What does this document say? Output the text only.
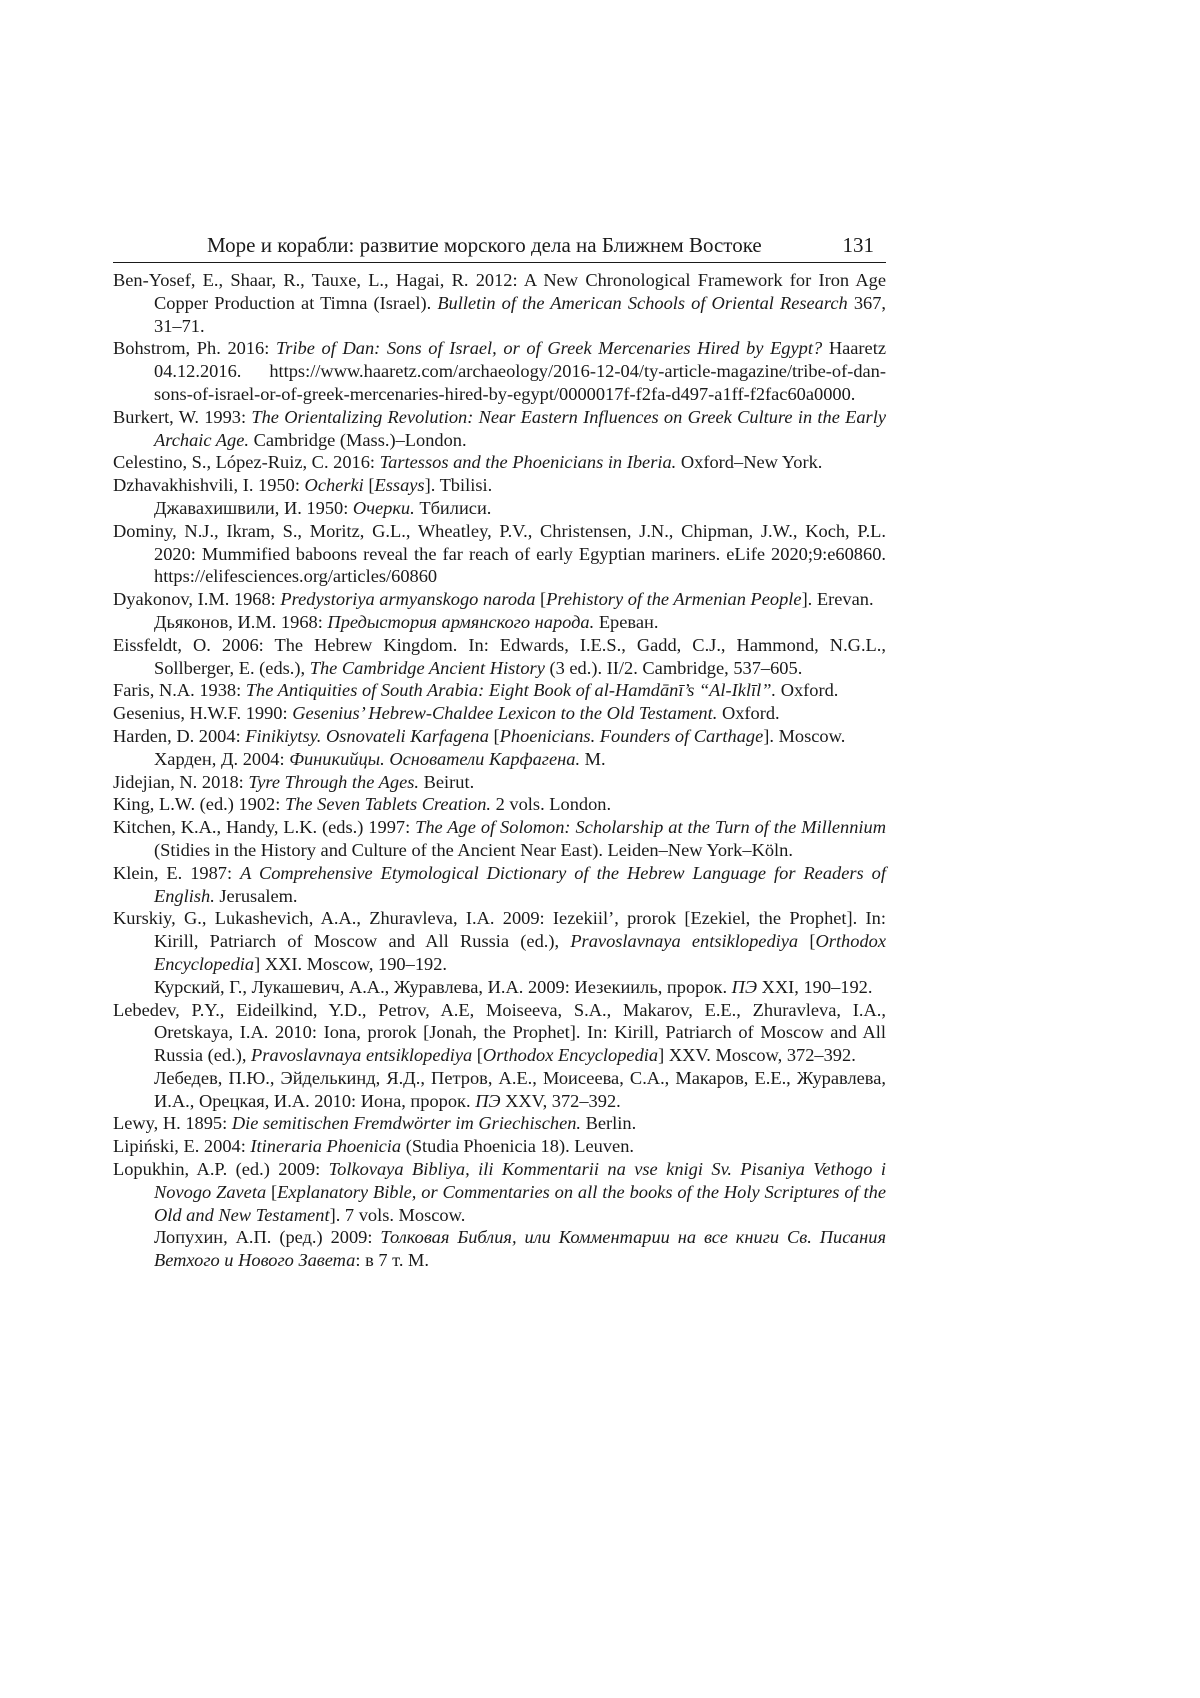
Море и корабли: развитие морского дела на Ближнем Востоке	131

Ben-Yosef, E., Shaar, R., Tauxe, L., Hagai, R. 2012: A New Chronological Framework for Iron Age Copper Production at Timna (Israel). Bulletin of the American Schools of Oriental Research 367, 31–71.

Bohstrom, Ph. 2016: Tribe of Dan: Sons of Israel, or of Greek Mercenaries Hired by Egypt? Haaretz 04.12.2016. https://www.haaretz.com/archaeology/2016-12-04/ty-article-magazine/tribe-of-dan-sons-of-israel-or-of-greek-mercenaries-hired-by-egypt/0000017f-f2fa-d497-a1ff-f2fac60a0000.

Burkert, W. 1993: The Orientalizing Revolution: Near Eastern Influences on Greek Culture in the Early Archaic Age. Cambridge (Mass.)–London.

Celestino, S., López-Ruiz, C. 2016: Tartessos and the Phoenicians in Iberia. Oxford–New York.

Dzhavakhishvili, I. 1950: Ocherki [Essays]. Tbilisi.

Джавахишвили, И. 1950: Очерки. Тбилиси.

Dominy, N.J., Ikram, S., Moritz, G.L., Wheatley, P.V., Christensen, J.N., Chipman, J.W., Koch, P.L. 2020: Mummified baboons reveal the far reach of early Egyptian mariners. eLife 2020;9:e60860. https://elifesciences.org/articles/60860

Dyakonov, I.M. 1968: Predystoriya armyanskogo naroda [Prehistory of the Armenian People]. Erevan.

Дьяконов, И.М. 1968: Предыстория армянского народа. Ереван.

Eissfeldt, O. 2006: The Hebrew Kingdom. In: Edwards, I.E.S., Gadd, C.J., Hammond, N.G.L., Sollberger, E. (eds.), The Cambridge Ancient History (3 ed.). II/2. Cambridge, 537–605.

Faris, N.A. 1938: The Antiquities of South Arabia: Eight Book of al-Hamdānī’s “Al-Iklīl”. Oxford.

Gesenius, H.W.F. 1990: Gesenius’ Hebrew-Chaldee Lexicon to the Old Testament. Oxford.

Harden, D. 2004: Finikiytsy. Osnovateli Karfagena [Phoenicians. Founders of Carthage]. Moscow.

Харден, Д. 2004: Финикийцы. Основатели Карфагена. М.

Jidejian, N. 2018: Tyre Through the Ages. Beirut.

King, L.W. (ed.) 1902: The Seven Tablets Creation. 2 vols. London.

Kitchen, K.A., Handy, L.K. (eds.) 1997: The Age of Solomon: Scholarship at the Turn of the Millennium (Stidies in the History and Culture of the Ancient Near East). Leiden–New York–Köln.

Klein, E. 1987: A Comprehensive Etymological Dictionary of the Hebrew Language for Readers of English. Jerusalem.

Kurskiy, G., Lukashevich, A.A., Zhuravleva, I.A. 2009: Iezekiil’, prorok [Ezekiel, the Prophet]. In: Kirill, Patriarch of Moscow and All Russia (ed.), Pravoslavnaya entsiklopediya [Orthodox Encyclopedia] XXI. Moscow, 190–192.

Курский, Г., Лукашевич, А.А., Журавлева, И.А. 2009: Иезекииль, пророк. ПЭ XXI, 190–192.

Lebedev, P.Y., Eideilkind, Y.D., Petrov, A.E, Moiseeva, S.A., Makarov, E.E., Zhuravleva, I.A., Oretskaya, I.A. 2010: Iona, prorok [Jonah, the Prophet]. In: Kirill, Patriarch of Moscow and All Russia (ed.), Pravoslavnaya entsiklopediya [Orthodox Encyclopedia] XXV. Moscow, 372–392.

Лебедев, П.Ю., Эйделькинд, Я.Д., Петров, А.Е., Моисеева, С.А., Макаров, Е.Е., Журавлева, И.А., Орецкая, И.А. 2010: Иона, пророк. ПЭ XXV, 372–392.

Lewy, H. 1895: Die semitischen Fremdwörter im Griechischen. Berlin.

Lipiński, E. 2004: Itineraria Phoenicia (Studia Phoenicia 18). Leuven.

Lopukhin, A.P. (ed.) 2009: Tolkovaya Bibliya, ili Kommentarii na vse knigi Sv. Pisaniya Vethogo i Novogo Zaveta [Explanatory Bible, or Commentaries on all the books of the Holy Scriptures of the Old and New Testament]. 7 vols. Moscow.

Лопухин, А.П. (ред.) 2009: Толковая Библия, или Комментарии на все книги Св. Писания Ветхого и Нового Завета: в 7 т. М.
